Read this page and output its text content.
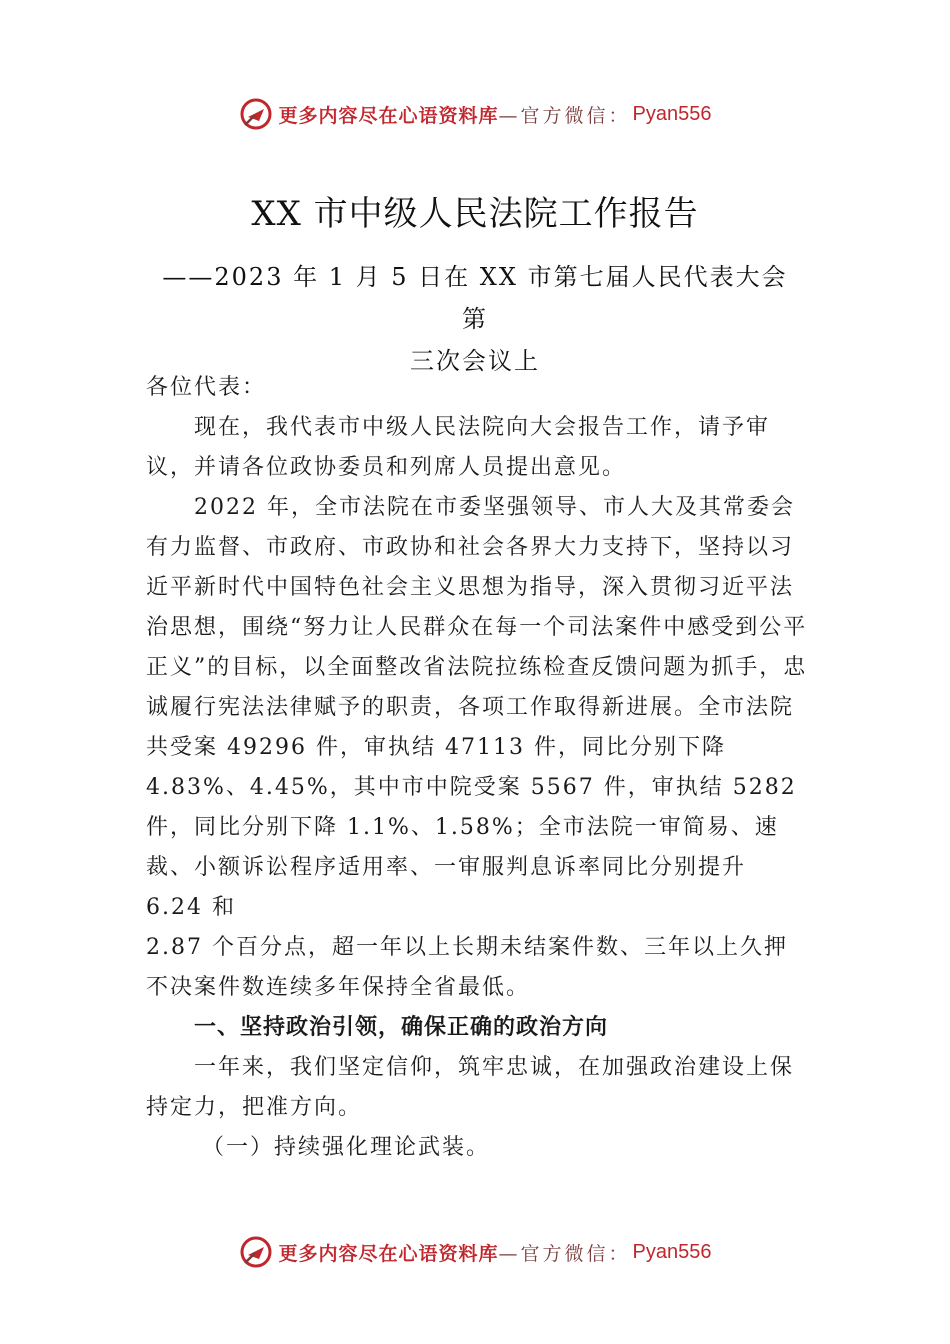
更多内容尽在心语资料库 —官方微信： Pyan556
XX 市中级人民法院工作报告
——2023 年 1 月 5 日在 XX 市第七届人民代表大会第
三次会议上

各位代表：

现在，我代表市中级人民法院向大会报告工作，请予审议，并请各位政协委员和列席人员提出意见。

2022 年，全市法院在市委坚强领导、市人大及其常委会有力监督、市政府、市政协和社会各界大力支持下，坚持以习近平新时代中国特色社会主义思想为指导，深入贯彻习近平法治思想，围绕“努力让人民群众在每一个司法案件中感受到公平正义”的目标，以全面整改省法院拉练检查反馈问题为抓手，忠诚履行宪法法律赋予的职责，各项工作取得新进展。全市法院共受案 49296 件，审执结 47113 件，同比分别下降 4.83%、4.45%，其中市中院受案 5567 件，审执结 5282 件，同比分别下降 1.1%、1.58%；全市法院一审简易、速裁、小额诉讼程序适用率、一审服判息诉率同比分别提升 6.24 和

2.87 个百分点，超一年以上长期未结案件数、三年以上久押不决案件数连续多年保持全省最低。

一、坚持政治引领，确保正确的政治方向

一年来，我们坚定信仰，筑牢忠诚，在加强政治建设上保持定力，把准方向。

（一）持续强化理论武装。

更多内容尽在心语资料库 —官方微信： Pyan556
